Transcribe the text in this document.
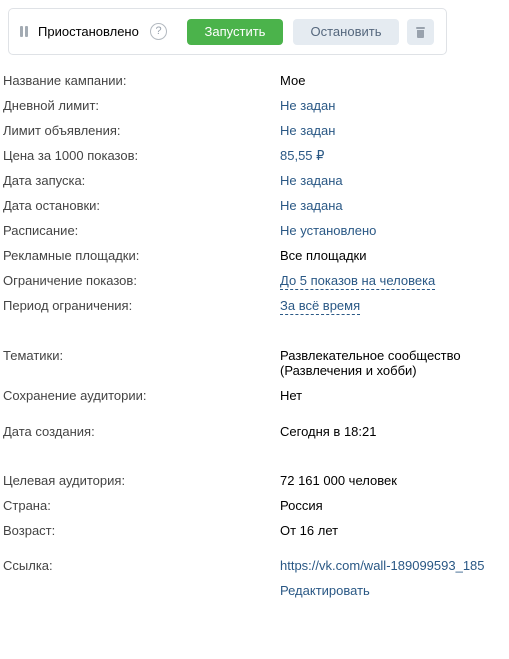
Приостановлено	?	Запустить	Остановить
Название кампании:	Мое
Дневной лимит:	Не задан
Лимит объявления:	Не задан
Цена за 1000 показов:	85,55 ₽
Дата запуска:	Не задана
Дата остановки:	Не задана
Расписание:	Не установлено
Рекламные площадки:	Все площадки
Ограничение показов:	До 5 показов на человека
Период ограничения:	За всё время
Тематики:	Развлекательное сообщество (Развлечения и хобби)
Сохранение аудитории:	Нет
Дата создания:	Сегодня в 18:21
Целевая аудитория:	72 161 000 человек
Страна:	Россия
Возраст:	От 16 лет
Ссылка:	https://vk.com/wall-189099593_185
Редактировать
